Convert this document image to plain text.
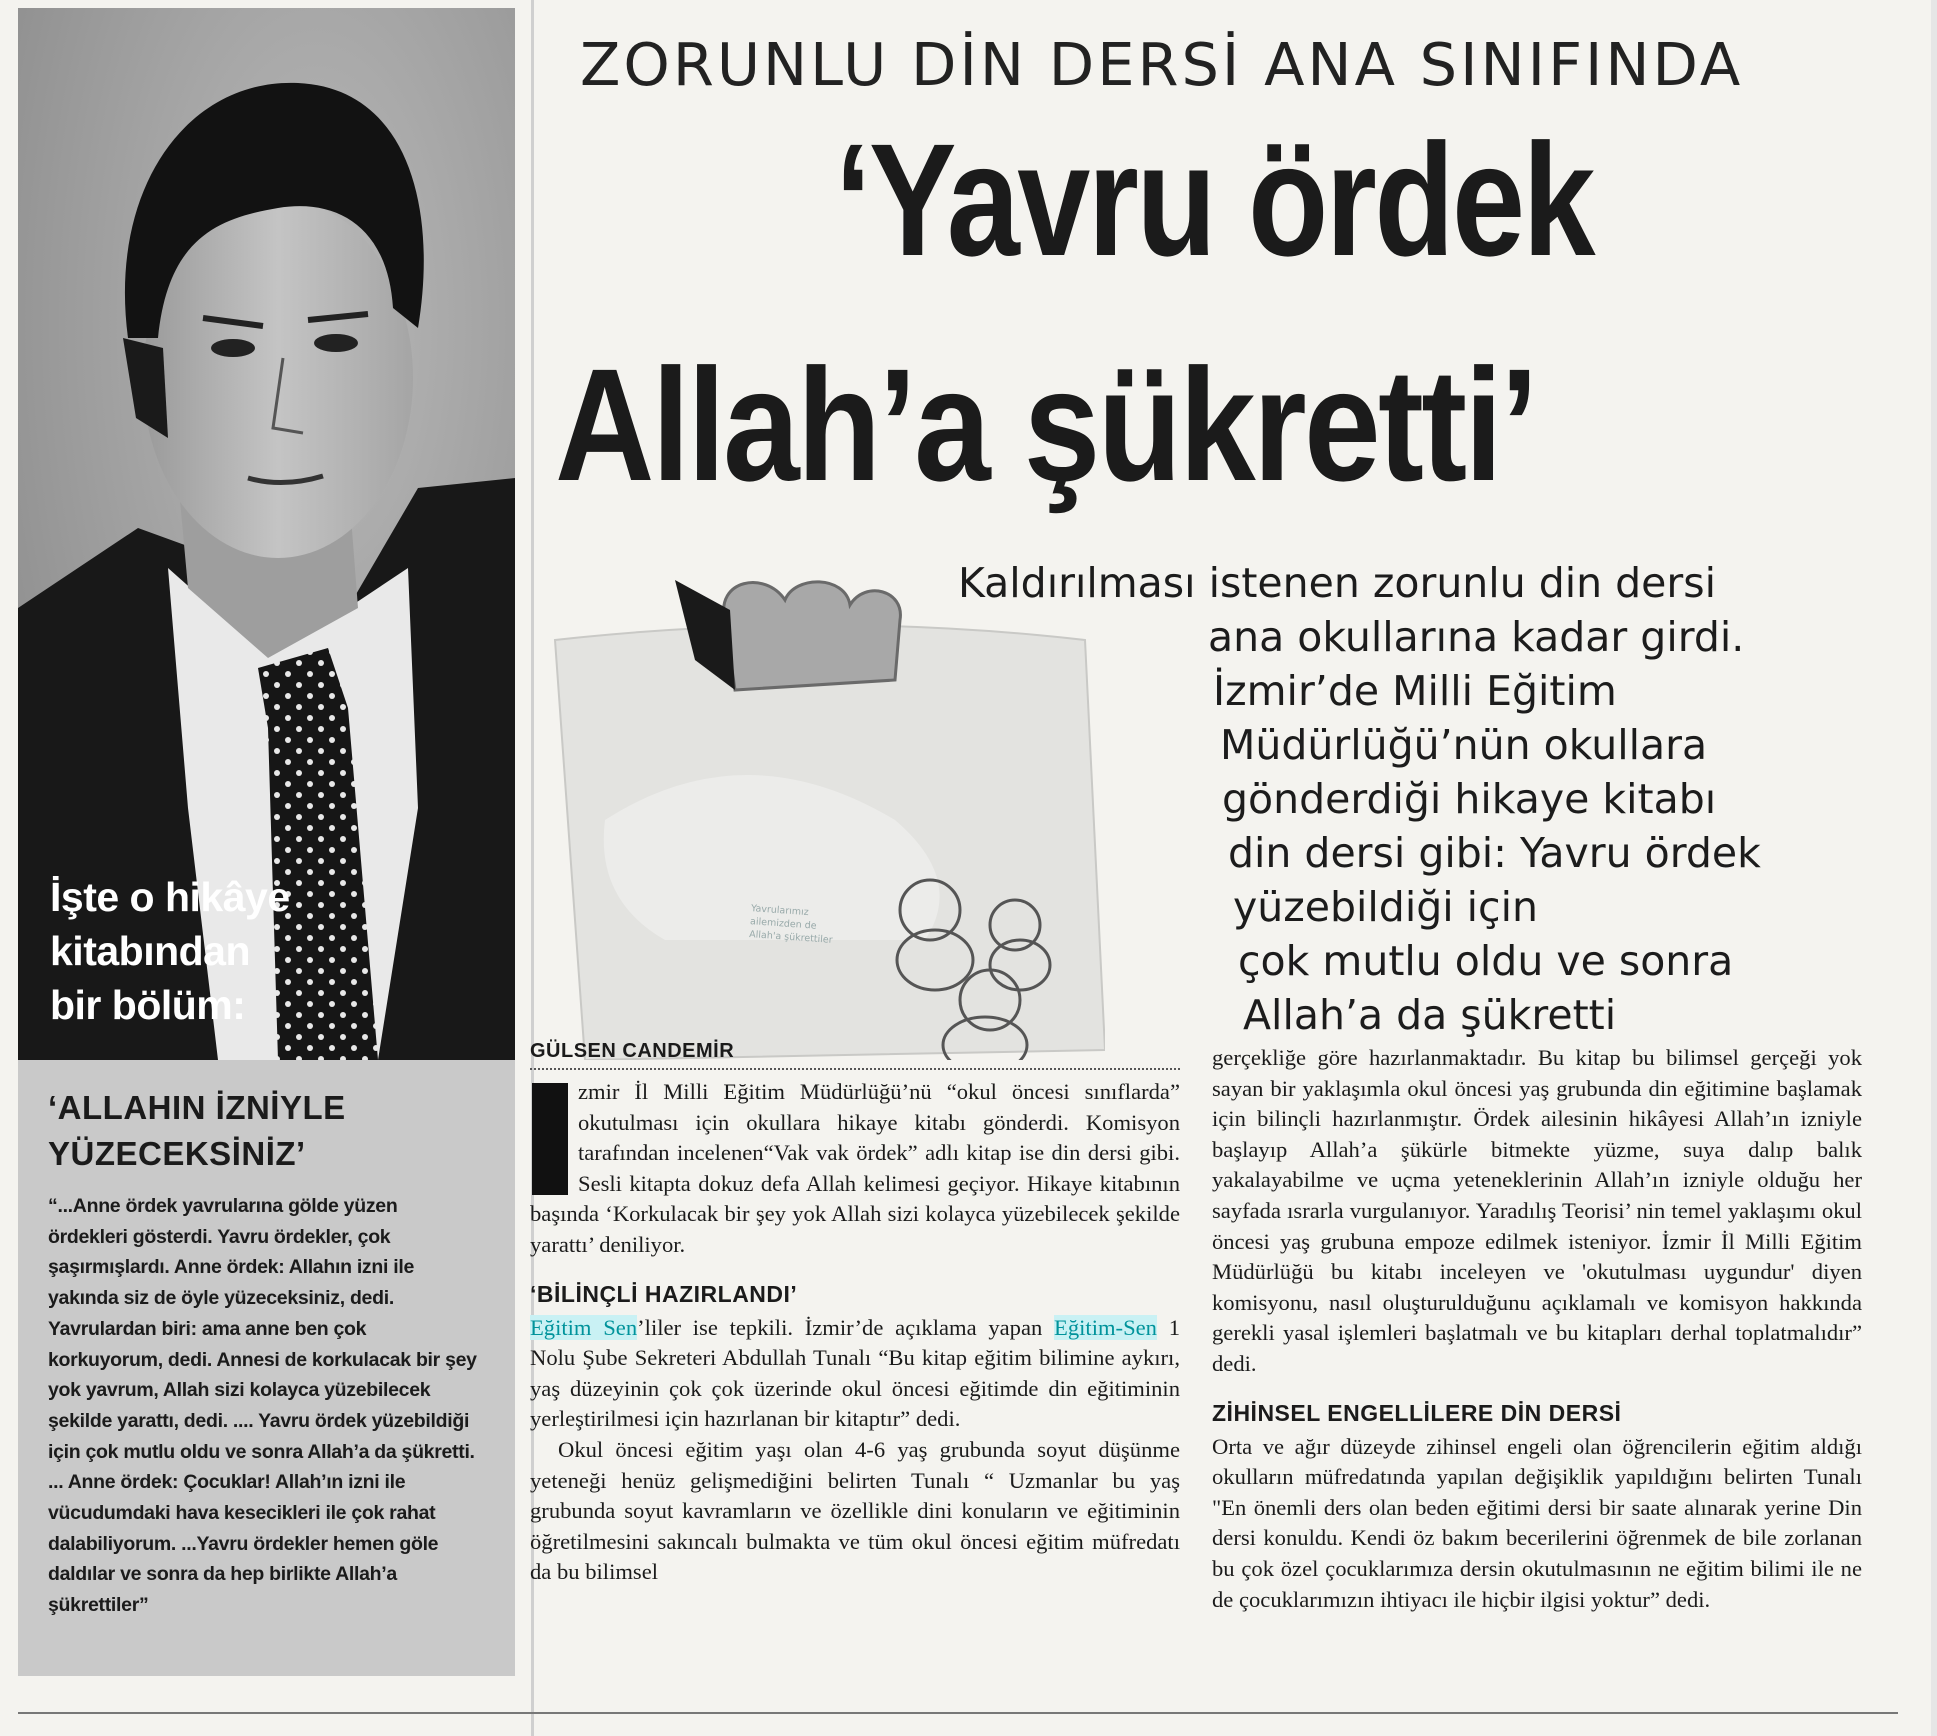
İşte o hikâye
kitabından
bir bölüm:
‘ALLAHIN İZNİYLE
YÜZECEKSİNİZ’
“...Anne ördek yavrularına gölde yüzen ördekleri gösterdi. Yavru ördekler, çok şaşırmışlardı. Anne ördek: Allahın izni ile yakında siz de öyle yüzeceksiniz, dedi. Yavrulardan biri: ama anne ben çok korkuyorum, dedi. Annesi de korkulacak bir şey yok yavrum, Allah sizi kolayca yüzebilecek şekilde yarattı, dedi. .... Yavru ördek yüzebildiği için çok mutlu oldu ve sonra Allah’a da şükretti. ... Anne ördek: Çocuklar! Allah’ın izni ile vücudumdaki hava kesecikleri ile çok rahat dalabiliyorum. ...Yavru ördekler hemen göle daldılar ve sonra da hep birlikte Allah’a şükrettiler”
ZORUNLU DİN DERSİ ANA SINIFINDA
‘Yavru ördek
Allah’a şükretti’
Yavrularımız
ailemizden de
Allah'a şükrettiler
Kaldırılması istenen zorunlu din dersi
ana okullarına kadar girdi.
İzmir’de Milli Eğitim
Müdürlüğü’nün okullara
gönderdiği hikaye kitabı
din dersi gibi: Yavru ördek
yüzebildiği için
çok mutlu oldu ve sonra
Allah’a da şükretti
GÜLSEN CANDEMİR

zmir İl Milli Eğitim Müdürlüğü’nü “okul öncesi sınıflarda” okutulması için okullara hikaye kitabı gönderdi. Komisyon tarafından incelenen“Vak vak ördek” adlı kitap ise din dersi gibi. Sesli kitapta dokuz defa Allah kelimesi geçiyor. Hikaye kitabının başında ‘Korkulacak bir şey yok Allah sizi kolayca yüzebilecek şekilde yarattı’ deniliyor.

‘BİLİNÇLİ HAZIRLANDI’

Eğitim Sen’liler ise tepkili. İzmir’de açıklama yapan Eğitim-Sen 1 Nolu Şube Sekreteri Abdullah Tunalı “Bu kitap eğitim bilimine aykırı, yaş düzeyinin çok çok üzerinde okul öncesi eğitimde din eğitiminin yerleştirilmesi için hazırlanan bir kitaptır” dedi.

Okul öncesi eğitim yaşı olan 4-6 yaş grubunda soyut düşünme yeteneği henüz gelişmediğini belirten Tunalı “ Uzmanlar bu yaş grubunda soyut kavramların ve özellikle dini konuların ve eğitiminin öğretilmesini sakıncalı bulmakta ve tüm okul öncesi eğitim müfredatı da bu bilimsel

gerçekliğe göre hazırlanmaktadır. Bu kitap bu bilimsel gerçeği yok sayan bir yaklaşımla okul öncesi yaş grubunda din eğitimine başlamak için bilinçli hazırlanmıştır. Ördek ailesinin hikâyesi Allah’ın izniyle başlayıp Allah’a şükürle bitmekte yüzme, suya dalıp balık yakalayabilme ve uçma yeteneklerinin Allah’ın izniyle olduğu her sayfada ısrarla vurgulanıyor. Yaradılış Teorisi’ nin temel yaklaşımı okul öncesi yaş grubuna empoze edilmek isteniyor. İzmir İl Milli Eğitim Müdürlüğü bu kitabı inceleyen ve 'okutulması uygundur' diyen komisyonu, nasıl oluşturulduğunu açıklamalı ve komisyon hakkında gerekli yasal işlemleri başlatmalı ve bu kitapları derhal toplatmalıdır” dedi.

ZİHİNSEL ENGELLİLERE DİN DERSİ

Orta ve ağır düzeyde zihinsel engeli olan öğrencilerin eğitim aldığı okulların müfredatında yapılan değişiklik yapıldığını belirten Tunalı "En önemli ders olan beden eğitimi dersi bir saate alınarak yerine Din dersi konuldu. Kendi öz bakım becerilerini öğrenmek de bile zorlanan bu çok özel çocuklarımıza dersin okutulmasının ne eğitim bilimi ile ne de çocuklarımızın ihtiyacı ile hiçbir ilgisi yoktur” dedi.
